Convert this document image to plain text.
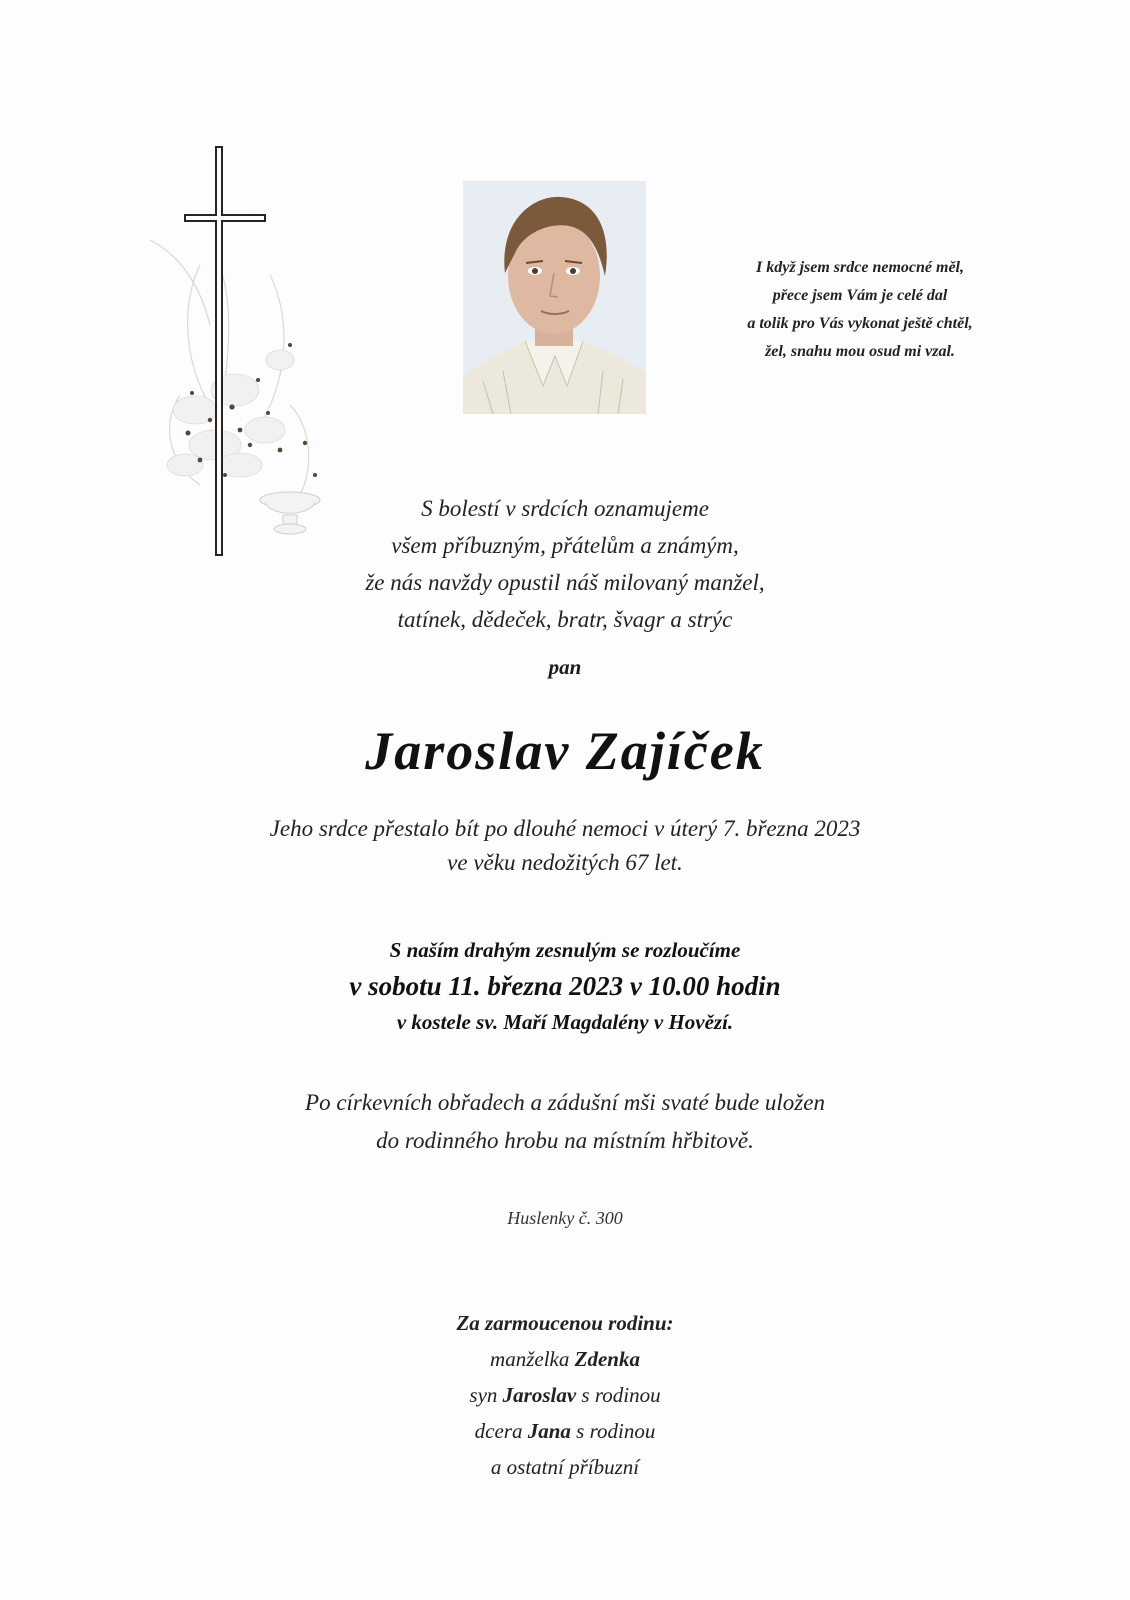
I když jsem srdce nemocné měl,
přece jsem Vám je celé dal
a tolik pro Vás vykonat ještě chtěl,
žel, snahu mou osud mi vzal.
S bolestí v srdcích oznamujeme
všem příbuzným, přátelům a známým,
že nás navždy opustil náš milovaný manžel,
tatínek, dědeček, bratr, švagr a strýc
pan
Jaroslav Zajíček
Jeho srdce přestalo bít po dlouhé nemoci v úterý 7. března 2023
ve věku nedožitých 67 let.
S naším drahým zesnulým se rozloučíme
v sobotu 11. března 2023 v 10.00 hodin
v kostele sv. Maří Magdalény v Hovězí.
Po církevních obřadech a zádušní mši svaté bude uložen
do rodinného hrobu na místním hřbitově.
Huslenky č. 300
Za zarmoucenou rodinu:
manželka Zdenka
syn Jaroslav s rodinou
dcera Jana s rodinou
a ostatní příbuzní
